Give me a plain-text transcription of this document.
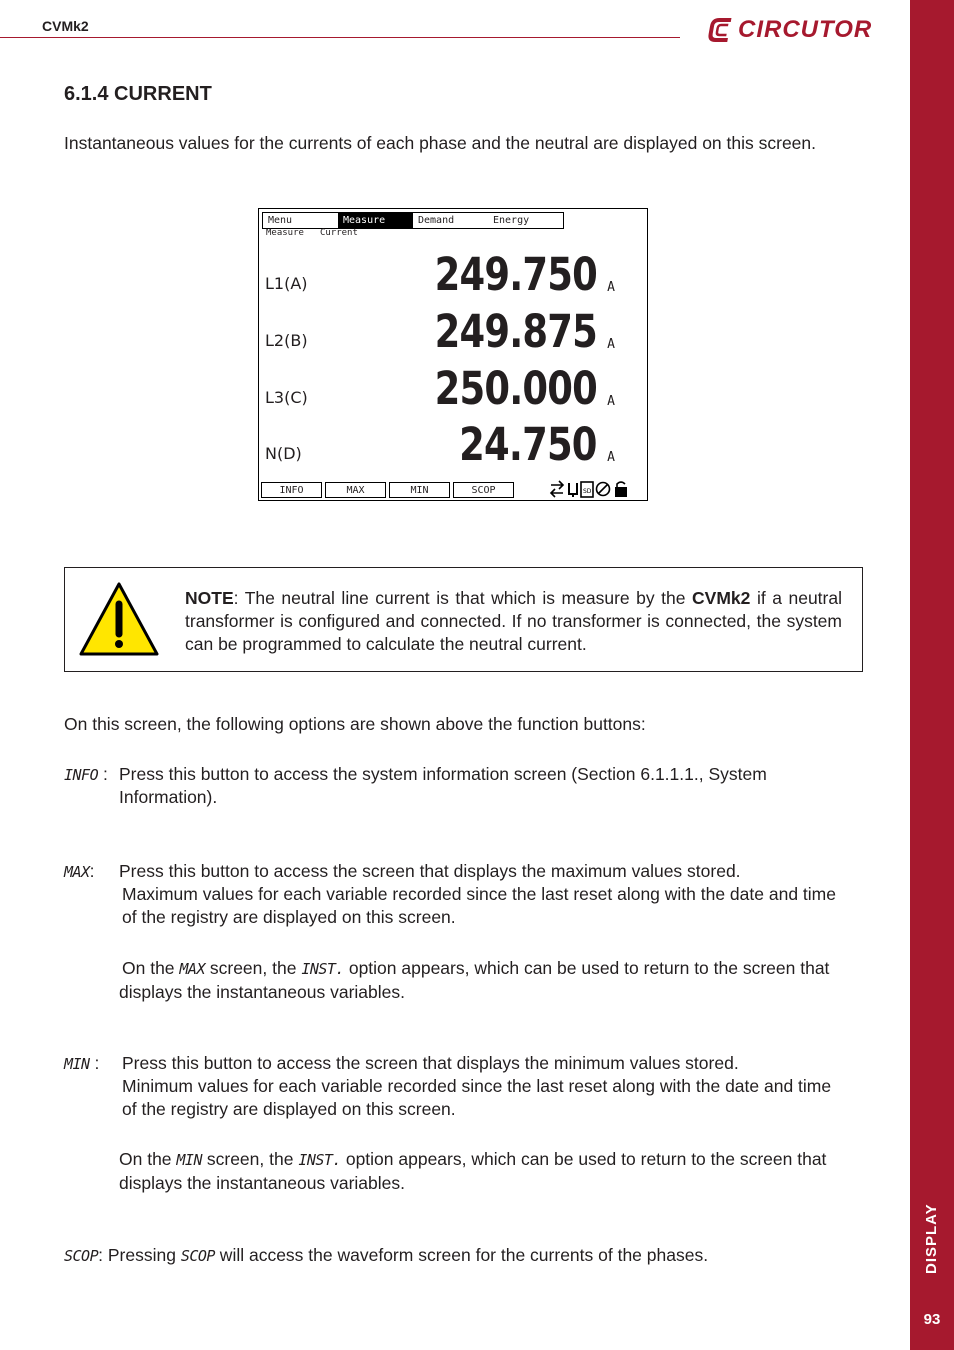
CVMk2	CIRCUTOR
DISPLAY
93
6.1.4 CURRENT

Instantaneous values for the currents of each phase and the neutral are displayed on this screen.

Menu	Measure	Demand	Energy
Measure Current
L1(A)	249.750 A
L2(B)	249.875 A
L3(C)	250.000 A
N(D)	24.750 A
INFO	MAX	MIN	SCOP	SD

NOTE: The neutral line current is that which is measure by the CVMk2 if a neutral transformer is configured and connected. If no transformer is connected, the system can be programmed to calculate the neutral current.

On this screen, the following options are shown above the function buttons:

INFO : Press this button to access the system information screen (Section 6.1.1.1., System Information).

MAX: Press this button to access the screen that displays the maximum values stored.

Maximum values for each variable recorded since the last reset along with the date and time of the registry are displayed on this screen.

On the MAX screen, the INST. option appears, which can be used to return to the screen that displays the instantaneous variables.

MIN : Press this button to access the screen that displays the minimum values stored.

Minimum values for each variable recorded since the last reset along with the date and time of the registry are displayed on this screen.

On the MIN screen, the INST. option appears, which can be used to return to the screen that displays the instantaneous variables.

SCOP: Pressing SCOP will access the waveform screen for the currents of the phases.
